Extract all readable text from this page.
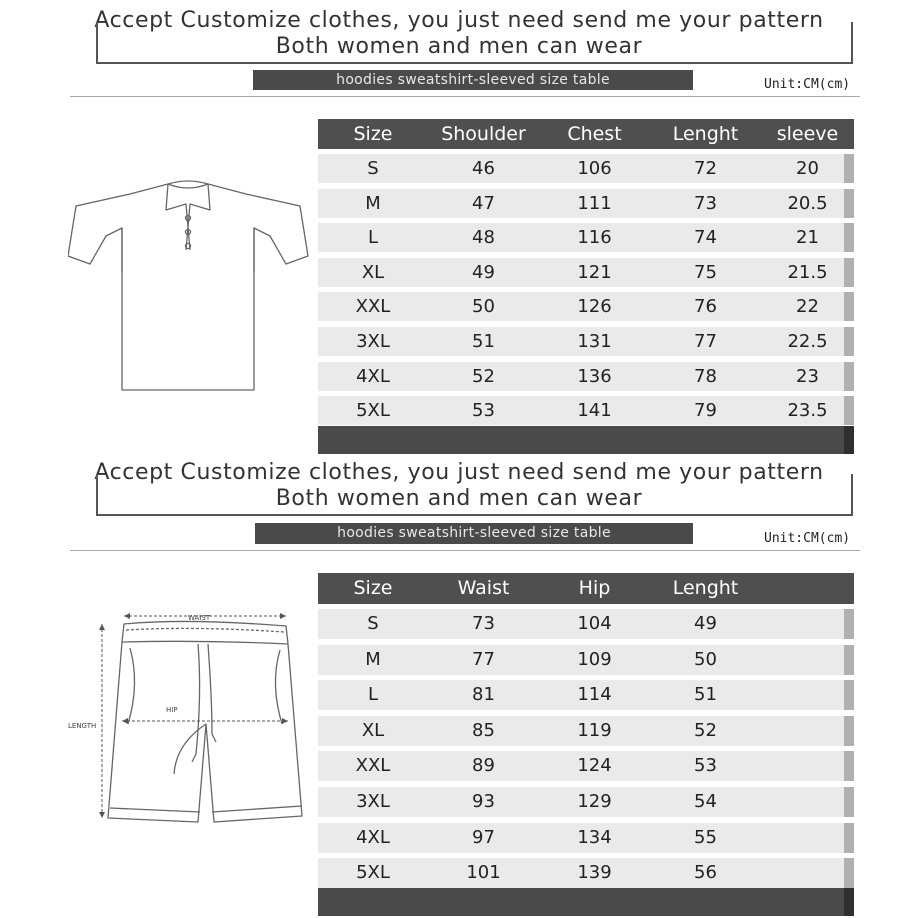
Accept Customize clothes, you just need send me your pattern
Both women and men can wear
hoodies sweatshirt-sleeved size table	Unit:CM(cm)
Size	Shoulder	Chest	Lenght	sleeve
S	46	106	72	20
M	47	111	73	20.5
L	48	116	74	21
XL	49	121	75	21.5
XXL	50	126	76	22
3XL	51	131	77	22.5
4XL	52	136	78	23
5XL	53	141	79	23.5
Accept Customize clothes, you just need send me your pattern
Both women and men can wear
hoodies sweatshirt-sleeved size table	Unit:CM(cm)
WAIST
HIP
LENGTH
Size	Waist	Hip	Lenght
S	73	104	49
M	77	109	50
L	81	114	51
XL	85	119	52
XXL	89	124	53
3XL	93	129	54
4XL	97	134	55
5XL	101	139	56
